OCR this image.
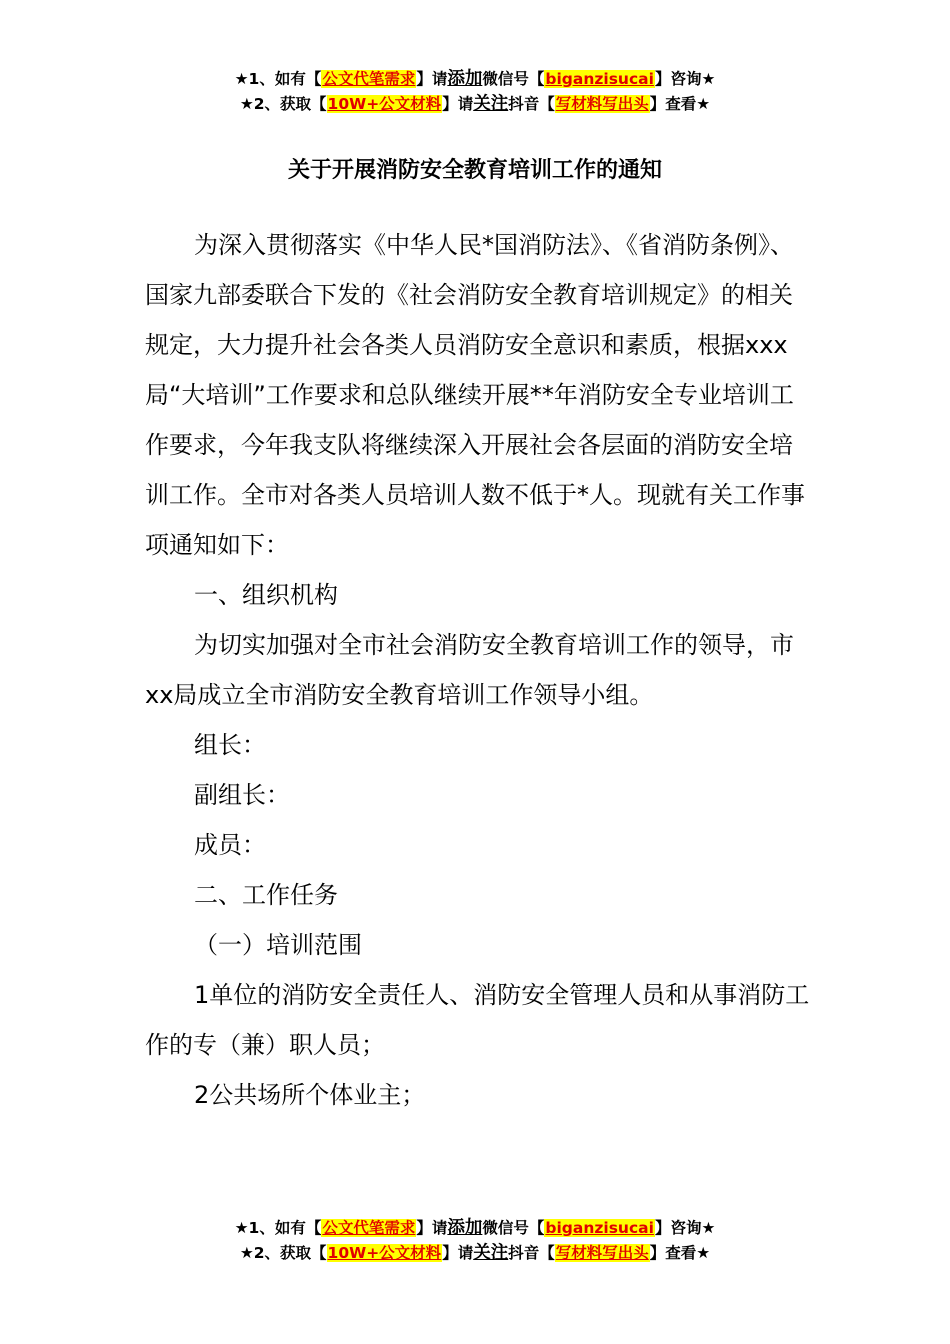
★1、如有【公文代笔需求】请添加微信号【biganzisucai】咨询★
★2、获取【10W+公文材料】请关注抖音【写材料写出头】查看★
关于开展消防安全教育培训工作的通知

为深入贯彻落实《中华人民*国消防法》、《省消防条例》、国家九部委联合下发的《社会消防安全教育培训规定》的相关规定，大力提升社会各类人员消防安全意识和素质，根据xxx局“大培训”工作要求和总队继续开展**年消防安全专业培训工作要求，今年我支队将继续深入开展社会各层面的消防安全培训工作。全市对各类人员培训人数不低于*人。现就有关工作事项通知如下：

一、组织机构

为切实加强对全市社会消防安全教育培训工作的领导，市xx局成立全市消防安全教育培训工作领导小组。

组长：

副组长：

成员：

二、工作任务

（一）培训范围

1单位的消防安全责任人、消防安全管理人员和从事消防工作的专（兼）职人员；

2公共场所个体业主；

★1、如有【公文代笔需求】请添加微信号【biganzisucai】咨询★
★2、获取【10W+公文材料】请关注抖音【写材料写出头】查看★
